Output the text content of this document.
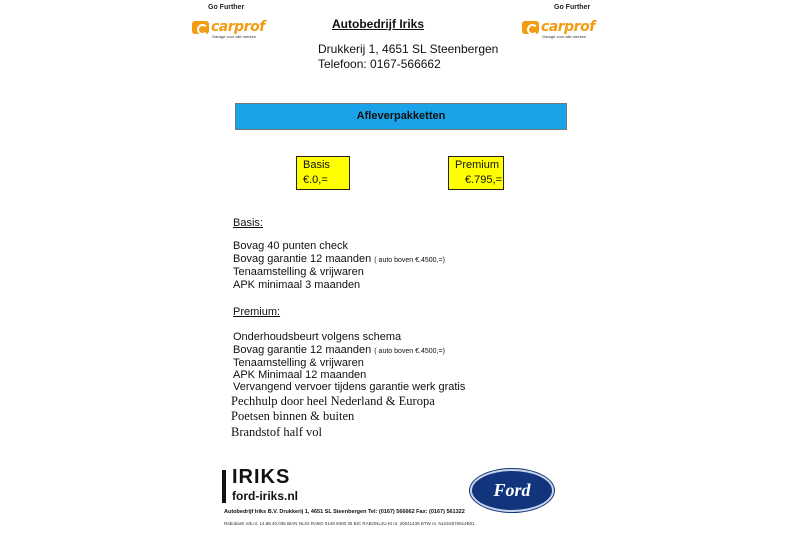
Go Further
carprof
Garage voor alle merken
Go Further
carprof
Garage voor alle merken
Autobedrijf Iriks
Drukkerij 1, 4651 SL Steenbergen
Telefoon: 0167-566662
Afleverpakketten
Basis
€.0,=
Premium
€.795,=
Basis:
Bovag 40 punten check
Bovag garantie 12 maanden ( auto boven €.4500,=)
Tenaamstelling & vrijwaren
APK minimaal 3 maanden
Premium:
Onderhoudsbeurt volgens schema
Bovag garantie 12 maanden ( auto boven €.4500,=)
Tenaamstelling & vrijwaren
APK Minimaal 12 maanden
Vervangend vervoer tijdens garantie werk gratis
Pechhulp door heel Nederland & Europa
Poetsen binnen & buiten
Brandstof half vol
IRIKS
ford-iriks.nl	Ford
Autobedrijf Iriks B.V. Drukkerij 1, 4651 SL Steenbergen Tel: (0167) 566662 Fax: (0167) 561322
Rabobank rek.nr. 14.88.40.035 IBAN NL02 RABO 0148 8400 35 BIC RABONL2U Kt nr. 20041436 BTW nr. NL815576914B01
